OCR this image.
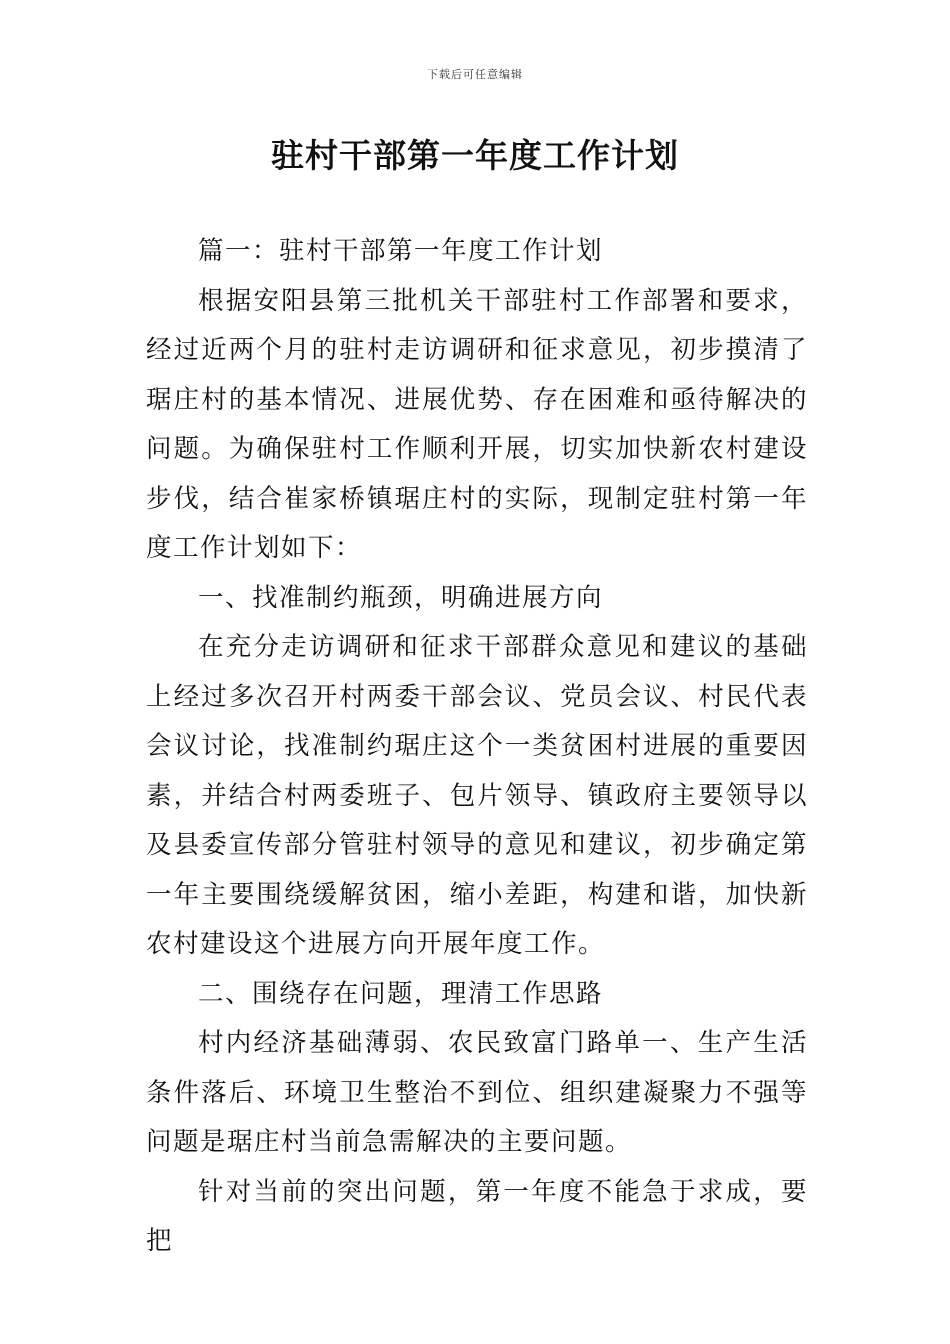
下载后可任意编辑
驻村干部第一年度工作计划

篇一：驻村干部第一年度工作计划

根据安阳县第三批机关干部驻村工作部署和要求，经过近两个月的驻村走访调研和征求意见，初步摸清了琚庄村的基本情况、进展优势、存在困难和亟待解决的问题。为确保驻村工作顺利开展，切实加快新农村建设步伐，结合崔家桥镇琚庄村的实际，现制定驻村第一年度工作计划如下：

一、找准制约瓶颈，明确进展方向

在充分走访调研和征求干部群众意见和建议的基础上经过多次召开村两委干部会议、党员会议、村民代表会议讨论，找准制约琚庄这个一类贫困村进展的重要因素，并结合村两委班子、包片领导、镇政府主要领导以及县委宣传部分管驻村领导的意见和建议，初步确定第一年主要围绕缓解贫困，缩小差距，构建和谐，加快新农村建设这个进展方向开展年度工作。

二、围绕存在问题，理清工作思路

村内经济基础薄弱、农民致富门路单一、生产生活条件落后、环境卫生整治不到位、组织建凝聚力不强等问题是琚庄村当前急需解决的主要问题。

针对当前的突出问题，第一年度不能急于求成，要把
